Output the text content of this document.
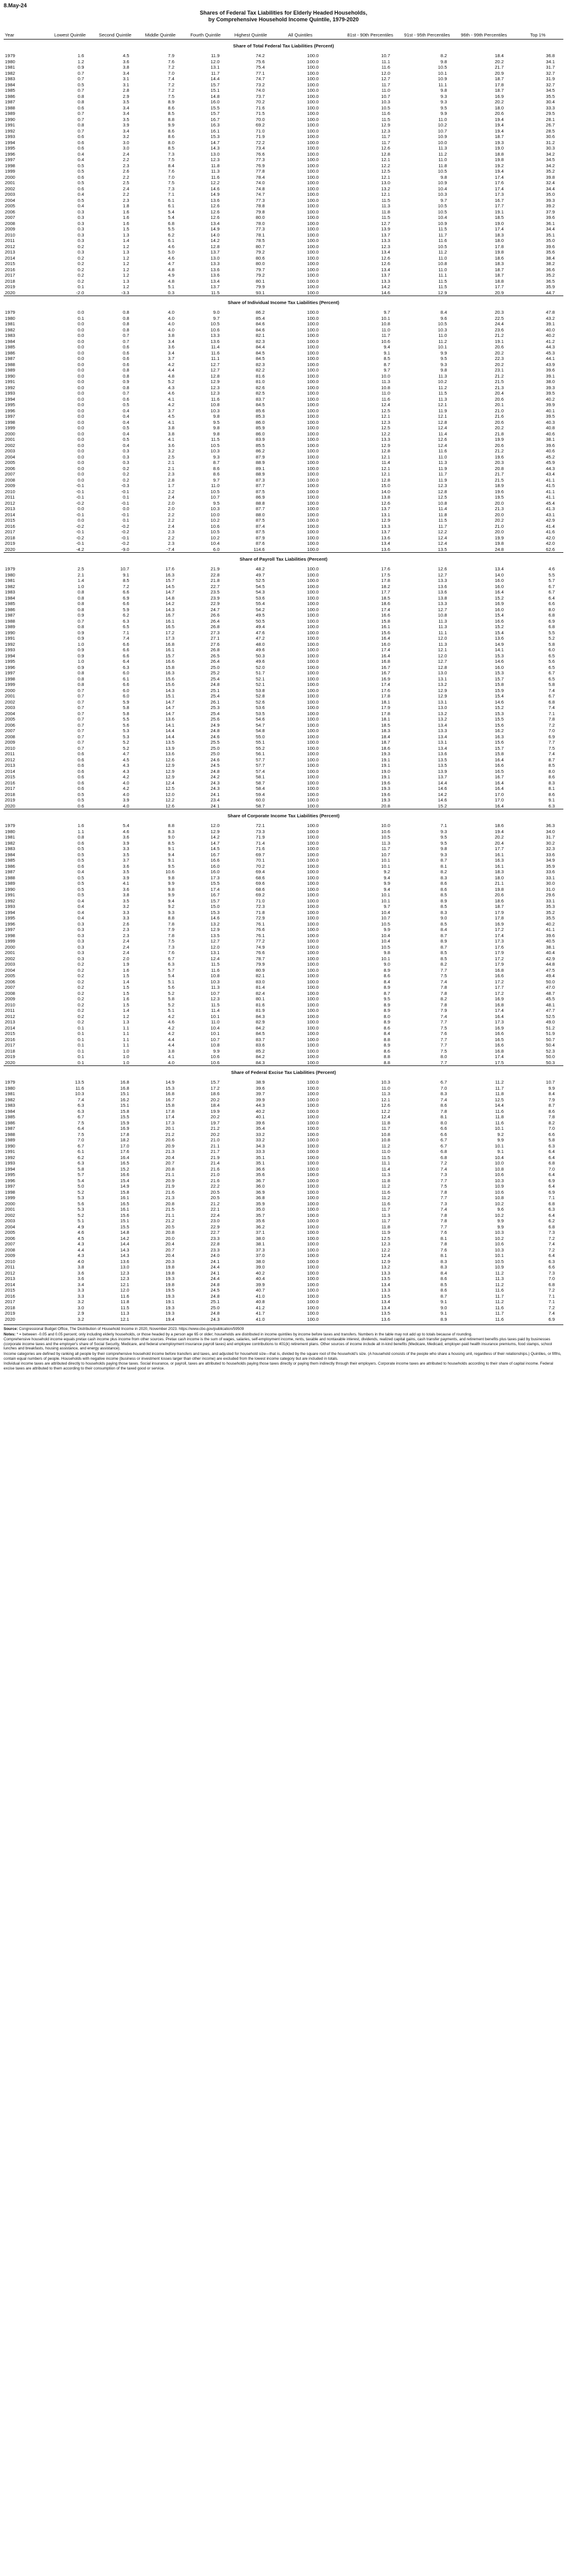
8.May-24
Shares of Federal Tax Liabilities for Elderly Headed Households,
by Comprehensive Household Income Quintile, 1979-2020
Year	Lowest Quintile	Second Quintile	Middle Quintile	Fourth Quintile	Highest Quintile	All Quintiles		81st - 90th Percentiles	91st - 95th Percentiles	96th - 99th Percentiles	Top 1%
Share of Total Federal Tax Liabilities (Percent)											
1979	1.6	4.5	7.9	11.9	74.2	100.0		10.7	8.2	18.4	36.8
1980	1.2	3.6	7.6	12.0	75.6	100.0		11.1	9.8	20.2	34.1
1981	0.9	3.8	7.2	13.1	75.4	100.0		11.6	10.5	21.7	31.7
1982	0.7	3.4	7.0	11.7	77.1	100.0		12.0	10.1	20.9	32.7
1983	0.7	3.1	7.4	14.4	74.7	100.0		12.7	10.9	18.7	31.9
1984	0.5	3.1	7.2	15.7	73.2	100.0		11.7	11.1	17.8	32.7
1985	0.7	2.8	7.2	15.1	74.0	100.0		11.0	9.8	18.7	34.5
1986	0.8	2.9	7.5	14.8	73.7	100.0		10.7	9.3	16.9	35.5
1987	0.8	3.5	8.9	16.0	70.2	100.0		10.3	9.3	20.2	30.4
1988	0.6	3.4	8.6	15.5	71.6	100.0		10.5	9.5	18.0	33.3
1989	0.7	3.4	8.5	15.7	71.5	100.0		11.6	9.9	20.6	29.5
1990	0.7	3.5	8.8	16.7	70.0	100.0		11.5	11.0	19.4	28.1
1991	0.8	3.9	9.9	16.3	69.2	100.0		12.9	10.2	19.4	26.7
1992	0.7	3.4	8.6	16.1	71.0	100.0		12.3	10.7	19.4	28.5
1993	0.6	3.2	8.6	15.3	71.9	100.0		11.7	10.9	18.7	30.6
1994	0.6	3.0	8.0	14.7	72.2	100.0		11.7	10.0	19.3	31.2
1995	0.6	3.0	8.5	14.3	73.4	100.0		12.6	11.3	19.0	30.3
1996	0.4	2.4	7.3	13.0	76.6	100.0		12.8	11.2	18.8	34.2
1997	0.4	2.2	7.5	12.3	77.3	100.0		12.1	11.0	19.8	34.5
1998	0.5	2.3	8.4	11.8	76.9	100.0		12.2	11.8	19.2	34.2
1999	0.5	2.6	7.6	11.3	77.8	100.0		12.5	10.5	19.4	35.2
2000	0.6	2.2	7.0	11.6	78.4	100.0		12.1	9.8	17.4	39.8
2001	0.5	2.5	7.5	12.2	74.0	100.0		13.0	10.9	17.6	32.4
2002	0.6	2.4	7.3	14.6	74.8	100.0		13.2	10.4	17.4	34.4
2003	0.4	2.2	7.1	14.9	74.7	100.0		12.1	10.3	17.3	35.0
2004	0.5	2.3	6.1	13.6	77.3	100.0		11.5	9.7	16.7	39.3
2005	0.4	1.8	6.1	12.6	78.8	100.0		11.3	10.5	17.7	39.2
2006	0.3	1.6	5.4	12.6	79.8	100.0		11.8	10.5	19.1	37.9
2007	0.3	1.6	5.4	12.6	80.0	100.0		11.5	10.4	18.5	39.6
2008	0.3	1.6	6.8	13.4	78.0	100.0		12.7	10.9	19.0	36.1
2009	0.3	1.5	5.5	14.9	77.3	100.0		13.9	11.5	17.4	34.4
2010	0.3	1.3	6.2	14.0	78.1	100.0		13.7	11.7	18.3	35.1
2011	0.3	1.4	6.1	14.2	78.5	100.0		13.3	11.6	18.0	35.0
2012	0.2	1.2	4.6	12.8	80.7	100.0		12.3	10.5	17.8	39.6
2013	0.3	1.3	5.0	13.7	79.2	100.0		13.4	11.2	19.8	35.6
2014	0.2	1.2	4.6	13.0	80.6	100.0		12.6	11.0	18.6	38.4
2015	0.2	1.2	4.7	13.3	80.0	100.0		12.6	10.8	18.3	38.2
2016	0.2	1.2	4.8	13.6	79.7	100.0		13.4	11.0	18.7	36.6
2017	0.2	1.2	4.9	13.6	79.2	100.0		13.7	11.1	18.7	35.2
2018	0.2	1.3	4.8	13.4	80.1	100.0		13.3	11.5	18.8	36.5
2019	0.1	1.2	5.1	13.7	79.9	100.0		14.2	11.5	17.7	35.9
2020	-2.0	-3.3	0.3	11.5	93.1	100.0		14.6	12.9	20.9	44.7
Share of Individual Income Tax Liabilities (Percent)											
1979	0.0	0.8	4.0	9.0	86.2	100.0		9.7	8.4	20.3	47.8
1980	0.1	0.8	4.0	9.7	85.4	100.0		10.1	9.6	22.5	43.2
1981	0.0	0.8	4.0	10.5	84.6	100.0		10.8	10.5	24.4	39.1
1982	0.0	0.8	4.0	10.6	84.6	100.0		11.0	10.3	23.6	40.0
1983	0.0	0.7	3.8	13.3	82.1	100.0		11.7	11.0	21.2	40.2
1984	0.0	0.7	3.4	13.6	82.3	100.0		10.6	11.2	19.1	41.2
1985	0.0	0.6	3.6	11.4	84.4	100.0		9.4	10.1	20.6	44.3
1986	0.0	0.6	3.4	11.6	84.5	100.0		9.1	9.9	20.2	45.3
1987	0.0	0.6	3.7	11.1	84.5	100.0		8.5	9.5	22.3	44.1
1988	0.0	0.6	4.2	12.7	82.3	100.0		8.7	9.3	20.2	43.9
1989	0.0	0.8	4.4	12.7	82.2	100.0		9.7	9.8	23.1	39.6
1990	0.0	0.8	4.8	12.8	81.6	100.0		10.0	11.3	21.2	39.1
1991	0.0	0.9	5.2	12.9	81.0	100.0		11.3	10.2	21.5	38.0
1992	0.0	0.8	4.3	12.3	82.6	100.0		10.8	11.2	21.3	39.3
1993	0.0	0.7	4.6	12.3	82.5	100.0		11.0	11.5	20.4	39.5
1994	0.0	0.6	4.1	11.6	83.7	100.0		11.6	11.3	20.6	40.2
1995	0.0	0.5	4.2	10.8	84.5	100.0		12.4	12.1	20.1	39.9
1996	0.0	0.4	3.7	10.3	85.6	100.0		12.5	11.9	21.0	40.1
1997	0.0	0.4	4.5	9.8	85.3	100.0		12.1	12.1	21.6	39.5
1998	0.0	0.4	4.1	9.5	86.0	100.0		12.3	12.8	20.6	40.3
1999	0.0	0.5	3.8	9.8	85.9	100.0		12.5	12.4	20.2	40.8
2000	0.0	0.4	3.8	9.8	86.0	100.0		12.2	11.4	21.8	40.6
2001	0.0	0.5	4.1	11.5	83.9	100.0		13.3	12.6	19.9	38.1
2002	0.0	0.4	3.6	10.5	85.5	100.0		12.9	12.4	20.6	39.6
2003	0.0	0.3	3.2	10.3	86.2	100.0		12.8	11.6	21.2	40.6
2004	0.0	0.3	2.5	9.3	87.9	100.0		12.1	11.0	19.6	45.2
2005	0.0	0.3	2.1	8.7	88.9	100.0		11.4	11.3	20.3	45.9
2006	0.0	0.2	2.1	8.6	89.1	100.0		12.1	11.9	20.8	44.3
2007	0.0	0.2	2.3	8.6	88.9	100.0		12.1	11.7	21.7	43.4
2008	0.0	0.2	2.8	9.7	87.3	100.0		12.8	11.9	21.5	41.1
2009	-0.1	-0.3	1.7	11.0	87.7	100.0		15.0	12.3	18.9	41.5
2010	-0.1	-0.1	2.2	10.5	87.5	100.0		14.0	12.8	19.6	41.1
2011	-0.1	0.1	2.4	10.7	86.9	100.0		13.8	12.5	19.5	41.1
2012	-0.2	-0.1	2.0	9.5	88.8	100.0		12.6	10.8	20.0	45.4
2013	0.0	0.0	2.0	10.3	87.7	100.0		13.7	11.4	21.3	41.3
2014	-0.1	-0.1	2.2	10.0	88.0	100.0		13.1	11.8	20.0	43.1
2015	0.0	0.1	2.2	10.2	87.5	100.0		12.9	11.5	20.2	42.9
2016	-0.2	-0.2	2.4	10.6	87.4	100.0		13.3	11.7	21.0	41.4
2017	-0.1	-0.2	2.3	10.5	87.5	100.0		13.7	12.2	20.0	41.6
2018	-0.2	-0.1	2.2	10.2	87.9	100.0		13.6	12.4	19.9	42.0
2019	-0.1	-0.2	2.3	10.4	87.6	100.0		13.4	12.4	19.8	42.0
2020	-4.2	-9.0	-7.4	6.0	114.6	100.0		13.6	13.5	24.8	62.6
Share of Payroll Tax Liabilities (Percent)											
1979	2.5	10.7	17.6	21.9	48.2	100.0		17.6	12.6	13.4	4.6
1980	2.1	9.1	16.3	22.8	49.7	100.0		17.5	12.7	14.0	5.5
1981	1.4	8.5	15.7	21.8	52.5	100.0		17.8	13.3	16.0	5.7
1982	1.0	7.2	14.5	22.7	54.5	100.0		18.2	13.6	16.0	6.7
1983	0.8	6.6	14.7	23.5	54.3	100.0		17.7	13.6	16.4	6.7
1984	0.8	6.9	14.8	23.9	53.6	100.0		18.5	13.8	15.2	6.4
1985	0.8	6.6	14.2	22.9	55.4	100.0		18.6	13.3	16.9	6.6
1986	0.8	5.9	14.3	24.7	54.2	100.0		17.4	12.7	16.0	8.0
1987	0.9	6.2	16.7	26.6	49.5	100.0		16.6	10.8	15.4	6.8
1988	0.7	6.3	16.1	26.4	50.5	100.0		15.8	11.3	16.6	6.9
1989	0.8	6.5	16.5	26.8	49.4	100.0		16.1	11.3	15.2	6.8
1990	0.9	7.1	17.2	27.3	47.6	100.0		15.6	11.1	15.4	5.5
1991	0.9	7.4	17.3	27.1	47.2	100.0		16.4	12.0	13.6	5.2
1992	1.0	6.6	16.8	27.6	48.0	100.0		16.0	11.3	14.9	5.8
1993	0.9	6.6	16.1	26.8	49.6	100.0		17.4	12.1	14.1	6.0
1994	0.9	6.6	15.7	26.5	50.3	100.0		16.4	12.0	15.3	6.5
1995	1.0	6.4	16.6	26.4	49.6	100.0		16.8	12.7	14.6	5.6
1996	0.9	6.3	15.8	25.0	52.0	100.0		16.7	12.8	16.0	6.5
1997	0.8	6.0	16.3	25.2	51.7	100.0		16.7	13.0	15.3	6.7
1998	0.8	6.1	15.6	25.4	52.1	100.0		16.9	13.1	15.7	6.5
1999	0.8	6.6	15.6	24.8	52.1	100.0		17.4	13.2	15.8	5.8
2000	0.7	6.0	14.3	25.1	53.8	100.0		17.6	12.9	15.9	7.4
2001	0.7	6.0	15.1	25.4	52.8	100.0		17.8	12.9	15.4	6.7
2002	0.7	5.9	14.7	26.1	52.6	100.0		18.1	13.1	14.6	6.8
2003	0.7	5.8	14.7	25.3	53.6	100.0		17.9	13.0	15.2	7.4
2004	0.7	5.8	14.7	25.4	53.5	100.0		17.8	13.2	15.3	7.1
2005	0.7	5.5	13.6	25.6	54.6	100.0		18.1	13.2	15.5	7.8
2006	0.7	5.6	14.1	24.9	54.7	100.0		18.5	13.4	15.6	7.2
2007	0.7	5.3	14.4	24.8	54.8	100.0		18.3	13.3	16.2	7.0
2008	0.7	5.3	14.4	24.6	55.0	100.0		18.4	13.4	16.3	6.9
2009	0.7	5.2	13.5	25.5	55.1	100.0		18.7	13.1	15.6	7.7
2010	0.7	5.2	13.9	25.0	55.2	100.0		18.6	13.4	15.7	7.5
2011	0.6	4.7	13.6	25.0	56.1	100.0		19.3	13.6	15.8	7.4
2012	0.6	4.5	12.6	24.6	57.7	100.0		19.1	13.5	16.4	8.7
2013	0.6	4.3	12.9	24.5	57.7	100.0		19.1	13.5	16.6	8.5
2014	0.6	4.3	12.9	24.8	57.4	100.0		19.0	13.9	16.5	8.0
2015	0.6	4.2	12.9	24.2	58.1	100.0		19.1	13.7	16.7	8.6
2016	0.6	4.0	12.4	24.3	58.7	100.0		19.6	14.4	16.4	8.3
2017	0.6	4.2	12.5	24.3	58.4	100.0		19.3	14.6	16.4	8.1
2018	0.5	4.0	12.0	24.1	59.4	100.0		19.6	14.2	17.0	8.6
2019	0.5	3.9	12.2	23.4	60.0	100.0		19.3	14.6	17.0	9.1
2020	0.6	4.0	12.6	24.1	58.7	100.0		20.8	15.2	16.4	6.3
Share of Corporate Income Tax Liabilities (Percent)											
1979	1.6	5.4	8.8	12.0	72.1	100.0		10.0	7.1	18.6	36.3
1980	1.1	4.6	8.3	12.9	73.3	100.0		10.6	9.3	19.4	34.0
1981	0.8	3.6	9.0	14.2	71.9	100.0		10.5	9.5	20.2	31.7
1982	0.6	3.9	8.5	14.7	71.4	100.0		11.3	9.5	20.4	30.2
1983	0.5	3.3	9.1	14.5	71.6	100.0		11.7	9.8	17.7	32.3
1984	0.5	3.5	9.4	16.7	69.7	100.0		10.7	9.3	16.1	33.6
1985	0.5	3.7	9.1	16.6	70.1	100.0		10.1	8.7	16.3	34.9
1986	0.6	3.6	9.5	16.0	70.2	100.0		10.1	8.1	16.1	35.9
1987	0.4	3.5	10.6	16.0	69.4	100.0		9.2	8.2	18.3	33.6
1988	0.5	3.9	9.8	17.3	68.6	100.0		9.4	8.3	18.0	33.1
1989	0.5	4.1	9.9	15.5	69.6	100.0		9.9	8.6	21.1	30.0
1990	0.5	3.6	9.8	17.4	68.6	100.0		9.4	8.6	19.8	31.0
1991	0.5	3.8	9.9	16.7	69.2	100.0		10.1	8.5	20.6	29.6
1992	0.4	3.5	9.4	15.7	71.0	100.0		10.1	8.9	18.6	33.1
1993	0.4	3.2	9.2	15.0	72.3	100.0		9.7	8.5	18.7	35.3
1994	0.4	3.3	9.3	15.3	71.8	100.0		10.4	8.3	17.9	35.2
1995	0.4	3.3	8.8	14.6	72.9	100.0		10.7	9.0	17.8	35.5
1996	0.3	2.6	7.8	13.2	76.1	100.0		10.5	8.5	16.9	40.2
1997	0.3	2.3	7.9	12.9	76.6	100.0		9.9	8.4	17.2	41.1
1998	0.3	2.3	7.8	13.5	76.1	100.0		10.4	8.7	17.4	39.6
1999	0.3	2.4	7.5	12.7	77.2	100.0		10.4	8.9	17.3	40.5
2000	0.3	2.4	7.3	12.0	74.9	100.0		10.5	8.7	17.6	38.1
2001	0.3	2.4	7.6	13.1	76.6	100.0		9.8	8.5	17.9	40.4
2002	0.3	2.0	6.7	12.4	78.7	100.0		10.1	8.5	17.2	42.9
2003	0.2	1.9	6.3	11.5	79.9	100.0		9.0	8.2	17.9	44.8
2004	0.2	1.6	5.7	11.6	80.9	100.0		8.9	7.7	16.8	47.5
2005	0.2	1.5	5.4	10.8	82.1	100.0		8.6	7.5	16.6	49.4
2006	0.2	1.4	5.1	10.3	83.0	100.0		8.4	7.4	17.2	50.0
2007	0.2	1.5	5.6	11.3	81.4	100.0		8.9	7.8	17.7	47.0
2008	0.2	1.5	5.2	10.7	82.4	100.0		8.7	7.8	17.2	48.7
2009	0.2	1.6	5.8	12.3	80.1	100.0		9.5	8.2	16.9	45.5
2010	0.2	1.5	5.2	11.5	81.6	100.0		8.9	7.8	16.8	48.1
2011	0.2	1.4	5.1	11.4	81.9	100.0		8.9	7.9	17.4	47.7
2012	0.2	1.2	4.2	10.1	84.3	100.0		8.0	7.4	16.4	52.5
2013	0.2	1.3	4.6	11.0	82.9	100.0		8.9	7.7	17.3	49.0
2014	0.1	1.1	4.2	10.4	84.2	100.0		8.6	7.5	16.9	51.2
2015	0.1	1.1	4.2	10.1	84.5	100.0		8.4	7.6	16.6	51.9
2016	0.1	1.1	4.4	10.7	83.7	100.0		8.8	7.7	16.5	50.7
2017	0.1	1.1	4.4	10.8	83.6	100.0		8.9	7.7	16.6	50.4
2018	0.1	1.0	3.8	9.9	85.2	100.0		8.6	7.5	16.8	52.3
2019	0.1	1.0	4.1	10.6	84.2	100.0		8.8	8.0	17.4	50.0
2020	0.1	1.0	4.0	10.6	84.3	100.0		8.8	7.7	17.5	50.3
Share of Federal Excise Tax Liabilities (Percent)											
1979	13.5	16.8	14.9	15.7	38.9	100.0		10.3	6.7	11.2	10.7
1980	11.6	16.8	15.3	17.2	39.6	100.0		11.0	7.0	11.7	9.9
1981	10.3	15.1	16.8	18.6	39.7	100.0		11.3	8.3	11.8	8.4
1982	7.4	16.2	16.7	20.2	39.9	100.0		12.1	7.4	12.5	7.9
1983	6.3	15.1	15.8	18.4	44.3	100.0		12.6	8.6	14.4	8.7
1984	6.3	15.8	17.8	19.9	40.2	100.0		12.2	7.8	11.6	8.6
1985	6.7	15.5	17.4	20.2	40.1	100.0		12.4	8.1	11.8	7.8
1986	7.5	15.9	17.3	19.7	39.6	100.0		11.8	8.0	11.6	8.2
1987	6.4	16.9	20.1	21.2	35.4	100.0		11.7	6.6	10.1	7.0
1988	7.5	17.8	21.2	20.2	33.2	100.0		10.8	6.6	9.2	6.6
1989	7.0	18.2	20.6	21.0	33.2	100.0		10.8	6.7	9.9	5.8
1990	6.7	17.0	20.9	21.1	34.3	100.0		11.2	6.7	10.1	6.3
1991	6.1	17.6	21.3	21.7	33.3	100.0		11.0	6.8	9.1	6.4
1992	6.2	16.4	20.4	21.9	35.1	100.0		11.5	6.8	10.4	6.4
1993	6.3	16.5	20.7	21.4	35.1	100.0		11.1	7.2	10.0	6.8
1994	5.8	15.2	20.8	21.6	36.6	100.0		11.4	7.4	10.8	7.0
1995	5.7	16.6	21.1	21.0	35.6	100.0		11.3	7.3	10.6	6.4
1996	5.4	15.4	20.9	21.6	36.7	100.0		11.8	7.7	10.3	6.9
1997	5.0	14.9	21.9	22.2	36.0	100.0		11.2	7.5	10.9	6.4
1998	5.2	15.8	21.6	20.5	36.9	100.0		11.6	7.8	10.6	6.9
1999	5.3	16.1	21.3	20.5	36.8	100.0		11.2	7.7	10.8	7.1
2000	5.6	16.5	20.8	21.2	35.9	100.0		11.6	7.3	10.2	6.8
2001	5.3	16.1	21.5	22.1	35.0	100.0		11.7	7.4	9.6	6.3
2002	5.2	15.6	21.1	22.4	35.7	100.0		11.3	7.8	10.2	6.4
2003	5.1	15.1	21.2	23.0	35.6	100.0		11.7	7.8	9.9	6.2
2004	4.9	15.5	20.5	22.9	36.2	100.0		11.8	7.7	9.9	6.8
2005	4.6	14.8	20.8	22.7	37.1	100.0		11.9	7.6	10.3	7.3
2006	4.5	14.2	20.0	23.3	38.0	100.0		12.5	8.1	10.2	7.2
2007	4.3	14.4	20.4	22.8	38.1	100.0		12.3	7.8	10.6	7.4
2008	4.4	14.3	20.7	23.3	37.3	100.0		12.2	7.6	10.3	7.2
2009	4.3	14.3	20.4	24.0	37.0	100.0		12.4	8.1	10.1	6.4
2010	4.0	13.6	20.3	24.1	38.0	100.0		12.9	8.3	10.5	6.3
2011	3.8	13.0	19.8	24.4	39.0	100.0		13.2	8.3	10.9	6.6
2012	3.6	12.3	19.8	24.1	40.2	100.0		13.3	8.4	11.2	7.3
2013	3.6	12.3	19.3	24.4	40.4	100.0		13.5	8.6	11.3	7.0
2014	3.4	12.1	19.8	24.8	39.9	100.0		13.4	8.5	11.2	6.8
2015	3.3	12.0	19.5	24.5	40.7	100.0		13.3	8.6	11.6	7.2
2016	3.3	11.6	19.3	24.8	41.0	100.0		13.5	8.7	11.7	7.1
2017	3.2	11.8	19.1	25.1	40.8	100.0		13.4	9.1	11.2	7.1
2018	3.0	11.5	19.3	25.0	41.2	100.0		13.4	9.0	11.6	7.2
2019	2.9	11.3	19.3	24.8	41.7	100.0		13.5	9.1	11.7	7.4
2020	3.2	12.1	19.4	24.3	41.0	100.0		13.6	8.9	11.6	6.9

Source: Congressional Budget Office, The Distribution of Household Income in 2020, November 2023. https://www.cbo.gov/publication/59509

Notes: * = between -0.05 and 0.05 percent; only including elderly households, or those headed by a person age 65 or older; households are distributed in income quintiles by income before taxes and transfers. Numbers in the table may not add up to totals because of rounding.

Comprehensive household income equals pretax cash income plus income from other sources. Pretax cash income is the sum of wages, salaries, self-employment income, rents, taxable and nontaxable interest, dividends, realized capital gains, cash transfer payments, and retirement benefits plus taxes paid by businesses (corporate income taxes and the employer's share of Social Security, Medicare, and federal unemployment insurance payroll taxes) and employee contributions to 401(k) retirement plans. Other sources of income include all in-kind benefits (Medicare, Medicaid, employer-paid health insurance premiums, food stamps, school lunches and breakfasts, housing assistance, and energy assistance).

Income categories are defined by ranking all people by their comprehensive household income before transfers and taxes, and adjusted for household size—that is, divided by the square root of the household's size. (A household consists of the people who share a housing unit, regardless of their relationships.) Quintiles, or fifths, contain equal numbers of people. Households with negative income (business or investment losses larger than other income) are excluded from the lowest income category but are included in totals.

Individual income taxes are attributed directly to households paying those taxes. Social insurance, or payroll, taxes are attributed to households paying those taxes directly or paying them indirectly through their employers. Corporate income taxes are attributed to households according to their share of capital income. Federal excise taxes are attributed to them according to their consumption of the taxed good or service.
